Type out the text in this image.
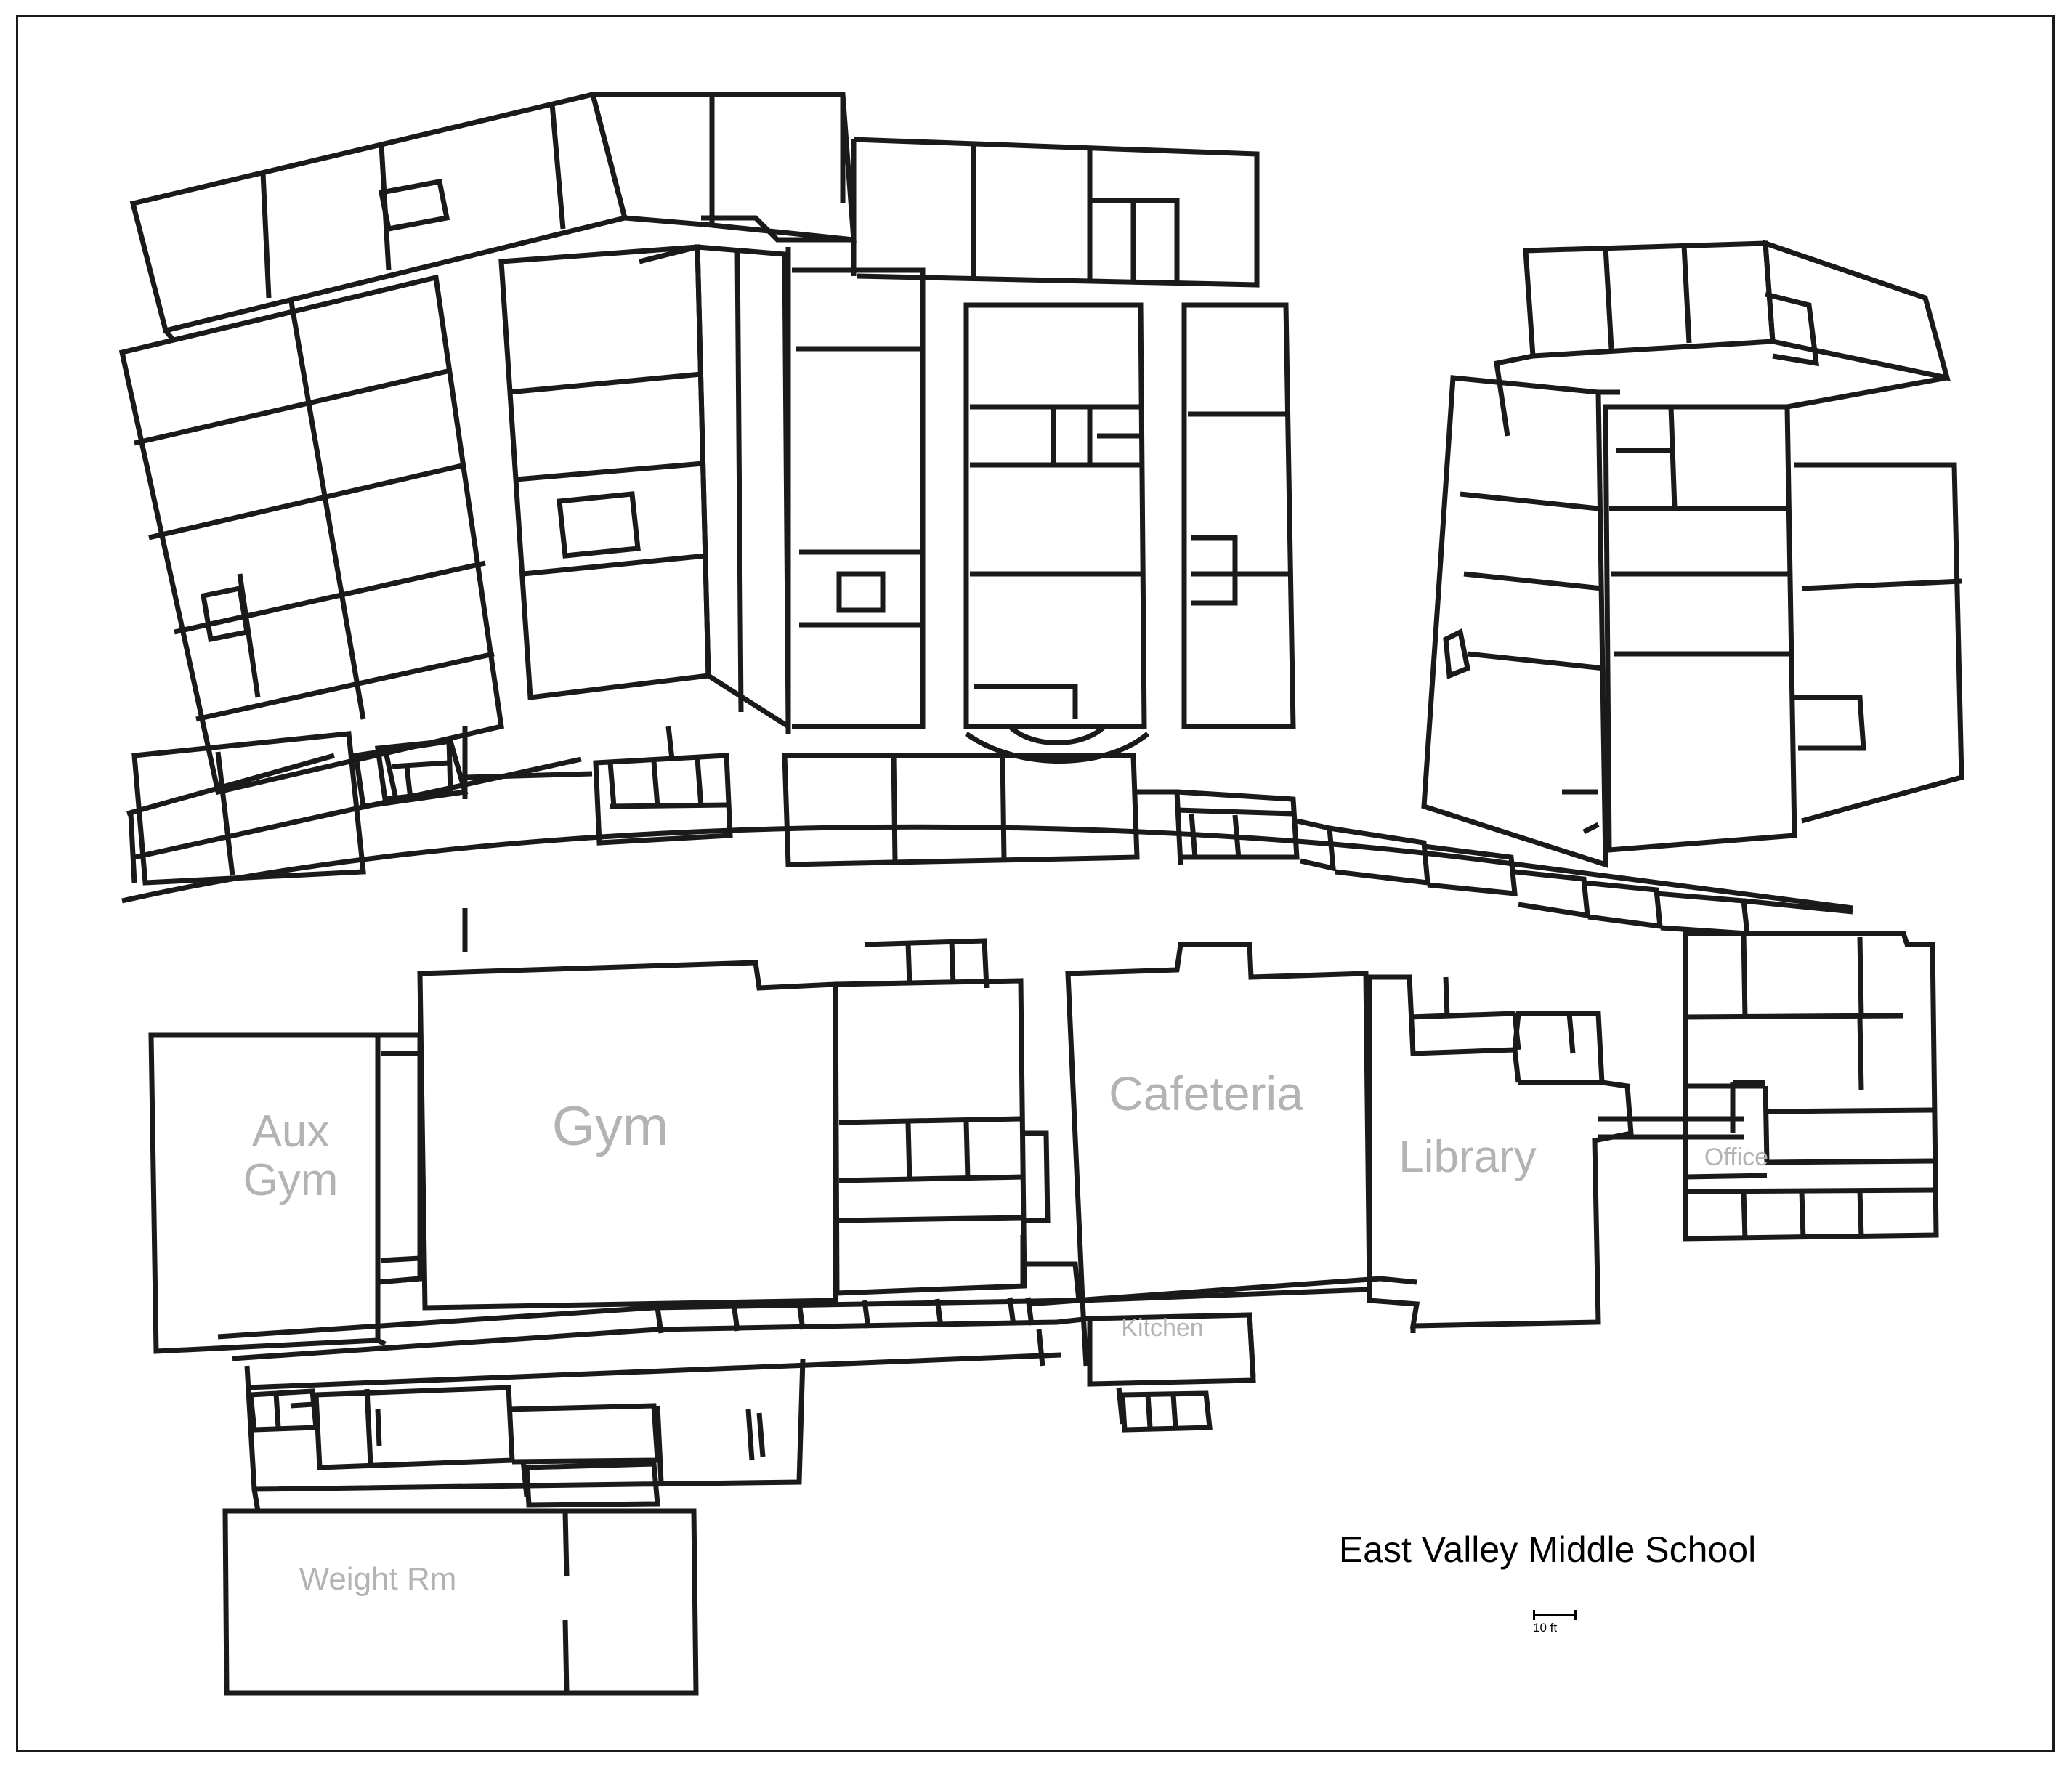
Aux
Gym
Gym
Cafeteria
Library	Office
Kitchen
Weight Rm
East Valley Middle School
10 ft
